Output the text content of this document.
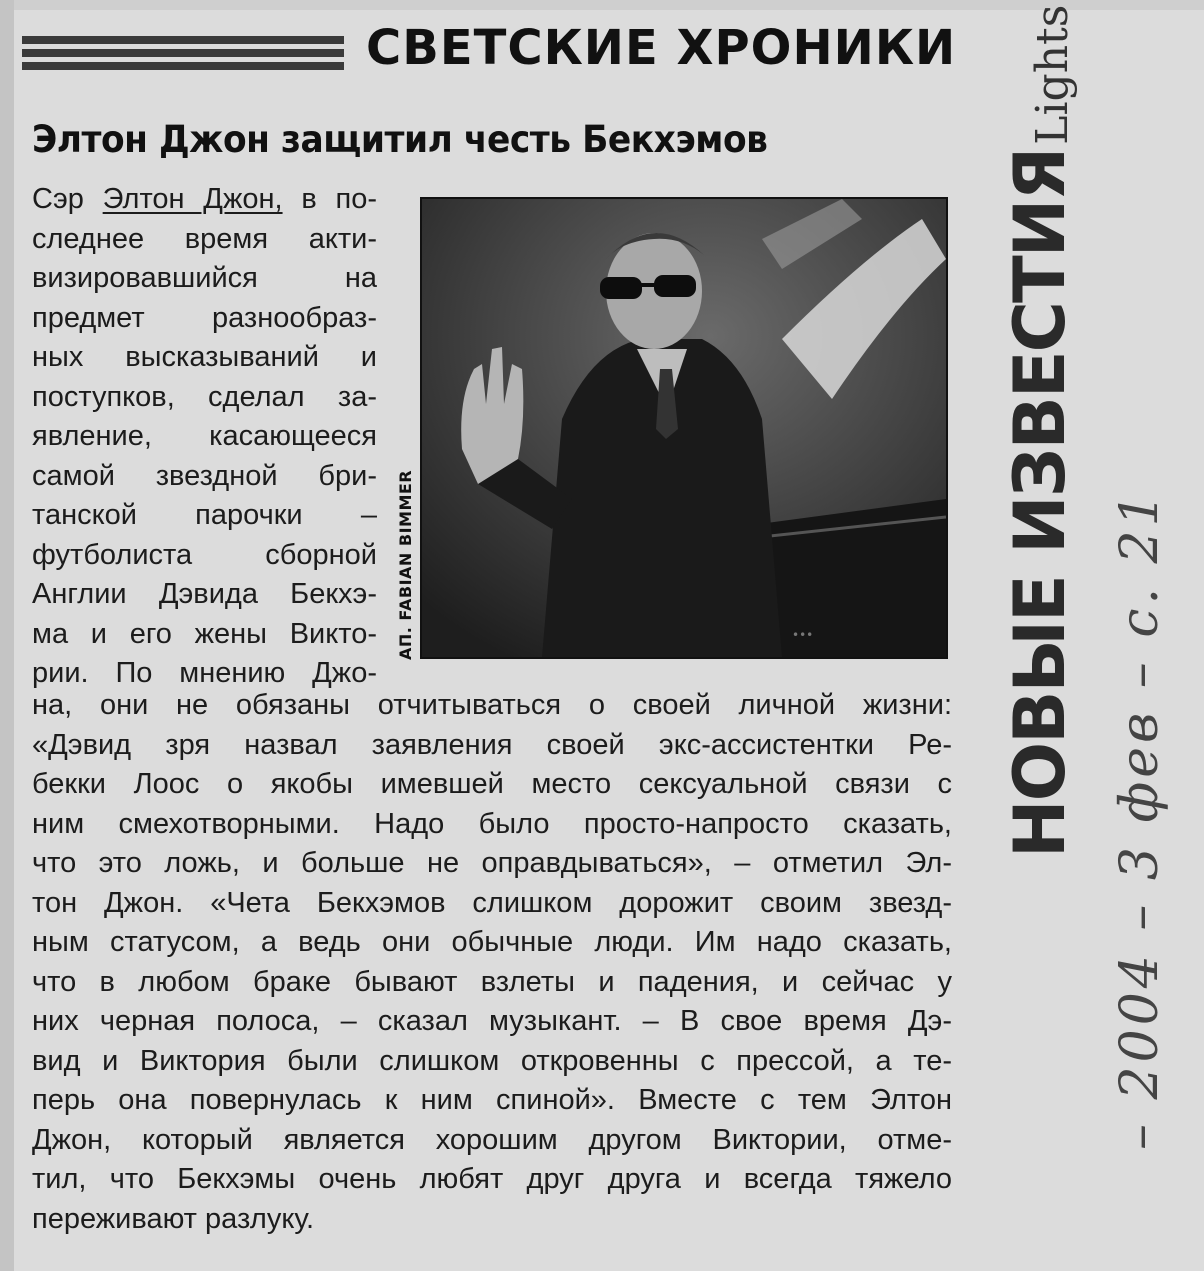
СВЕТСКИЕ ХРОНИКИ
Элтон Джон защитил честь Бекхэмов
Сэр Элтон Джон, в по-
следнее время акти-
визировавшийся на
предмет разнообраз-
ных высказываний и
поступков, сделал за-
явление, касающееся
самой звездной бри-
танской парочки –
футболиста сборной
Англии Дэвида Бекхэ-
ма и его жены Викто-
рии. По мнению Джо-
•••
АП. FABIAN BIMMER
на, они не обязаны отчитываться о своей личной жизни:
«Дэвид зря назвал заявления своей экс-ассистентки Ре-
бекки Лоос о якобы имевшей место сексуальной связи с
ним смехотворными. Надо было просто-напросто сказать,
что это ложь, и больше не оправдываться», – отметил Эл-
тон Джон. «Чета Бекхэмов слишком дорожит своим звезд-
ным статусом, а ведь они обычные люди. Им надо сказать,
что в любом браке бывают взлеты и падения, и сейчас у
них черная полоса, – сказал музыкант. – В свое время Дэ-
вид и Виктория были слишком откровенны с прессой, а те-
перь она повернулась к ним спиной». Вместе с тем Элтон
Джон, который является хорошим другом Виктории, отме-
тил, что Бекхэмы очень любят друг друга и всегда тяжело
переживают разлуку.
НОВЫЕ ИЗВЕСТИЯ
Lights
– 2004 – 3 фев – с. 21
